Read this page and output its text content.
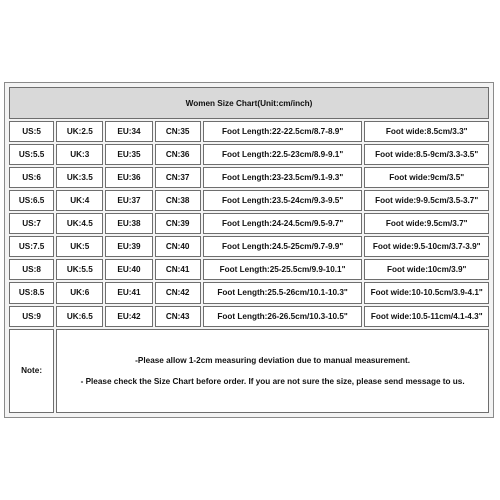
Women Size Chart(Unit:cm/inch)					
US:5	UK:2.5	EU:34	CN:35	Foot Length:22-22.5cm/8.7-8.9"	Foot wide:8.5cm/3.3"
US:5.5	UK:3	EU:35	CN:36	Foot Length:22.5-23cm/8.9-9.1"	Foot wide:8.5-9cm/3.3-3.5"
US:6	UK:3.5	EU:36	CN:37	Foot Length:23-23.5cm/9.1-9.3"	Foot wide:9cm/3.5"
US:6.5	UK:4	EU:37	CN:38	Foot Length:23.5-24cm/9.3-9.5"	Foot wide:9-9.5cm/3.5-3.7"
US:7	UK:4.5	EU:38	CN:39	Foot Length:24-24.5cm/9.5-9.7"	Foot wide:9.5cm/3.7"
US:7.5	UK:5	EU:39	CN:40	Foot Length:24.5-25cm/9.7-9.9"	Foot wide:9.5-10cm/3.7-3.9"
US:8	UK:5.5	EU:40	CN:41	Foot Length:25-25.5cm/9.9-10.1"	Foot wide:10cm/3.9"
US:8.5	UK:6	EU:41	CN:42	Foot Length:25.5-26cm/10.1-10.3"	Foot wide:10-10.5cm/3.9-4.1"
US:9	UK:6.5	EU:42	CN:43	Foot Length:26-26.5cm/10.3-10.5"	Foot wide:10.5-11cm/4.1-4.3"
Note:	-Please allow 1-2cm measuring deviation due to manual measurement.
- Please check the Size Chart before order. If you are not sure the size, please send message to us.				
